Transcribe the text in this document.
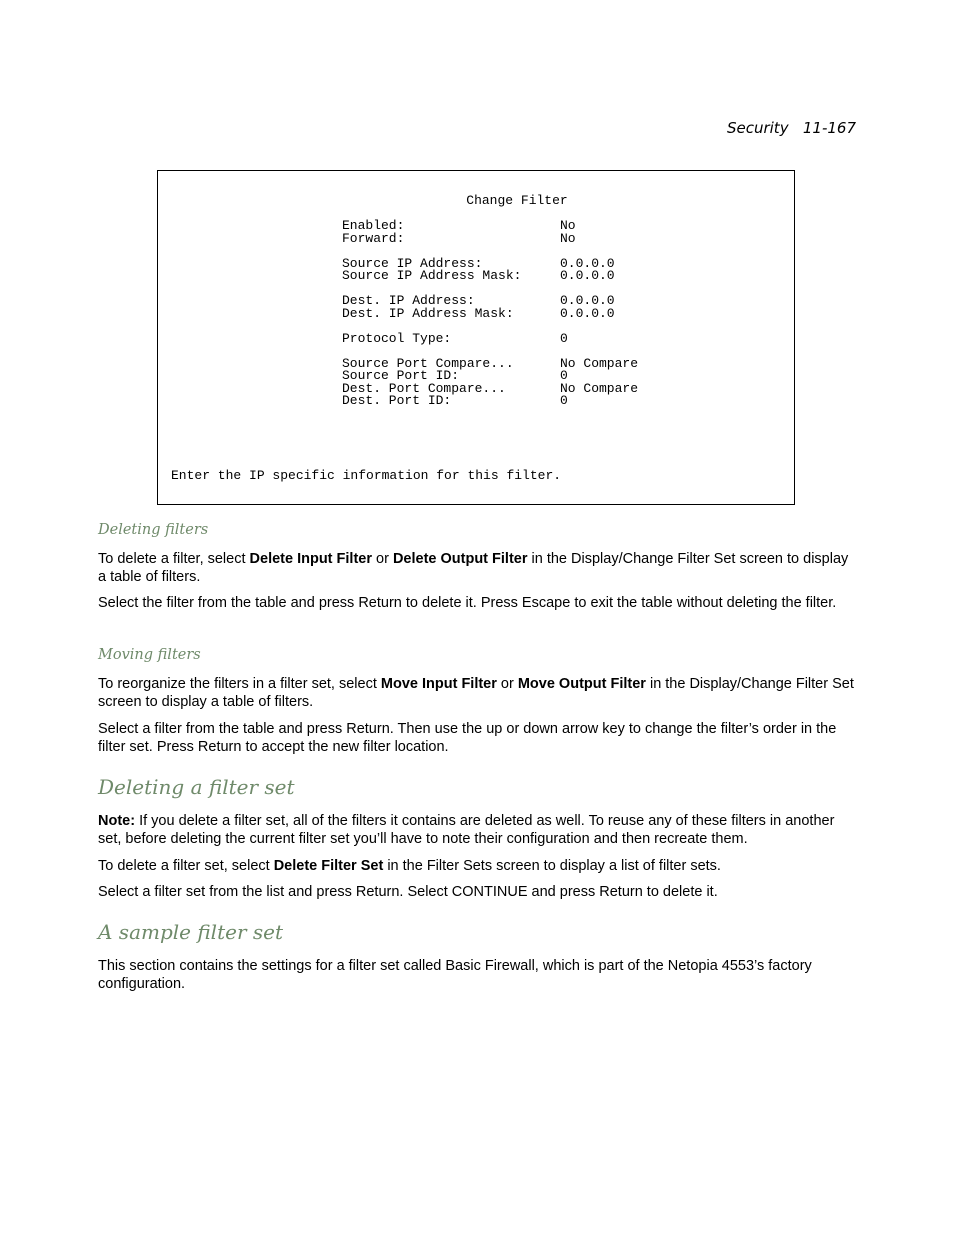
Security   11-167
Change Filter
Enabled:	No
Forward:	No
Source IP Address:	0.0.0.0
Source IP Address Mask:	0.0.0.0
Dest. IP Address:	0.0.0.0
Dest. IP Address Mask:	0.0.0.0
Protocol Type:	0
Source Port Compare...	No Compare
Source Port ID:	0
Dest. Port Compare...	No Compare
Dest. Port ID:	0
Enter the IP specific information for this filter.
Deleting filters
To delete a filter, select Delete Input Filter or Delete Output Filter in the Display/Change Filter Set screen to display a table of filters.
Select the filter from the table and press Return to delete it. Press Escape to exit the table without deleting the filter.
Moving filters
To reorganize the filters in a filter set, select Move Input Filter or Move Output Filter in the Display/Change Filter Set screen to display a table of filters.
Select a filter from the table and press Return. Then use the up or down arrow key to change the filter’s order in the filter set. Press Return to accept the new filter location.
Deleting a filter set
Note: If you delete a filter set, all of the filters it contains are deleted as well. To reuse any of these filters in another set, before deleting the current filter set you’ll have to note their configuration and then recreate them.
To delete a filter set, select Delete Filter Set in the Filter Sets screen to display a list of filter sets.
Select a filter set from the list and press Return. Select CONTINUE and press Return to delete it.
A sample filter set
This section contains the settings for a filter set called Basic Firewall, which is part of the Netopia 4553’s factory configuration.
